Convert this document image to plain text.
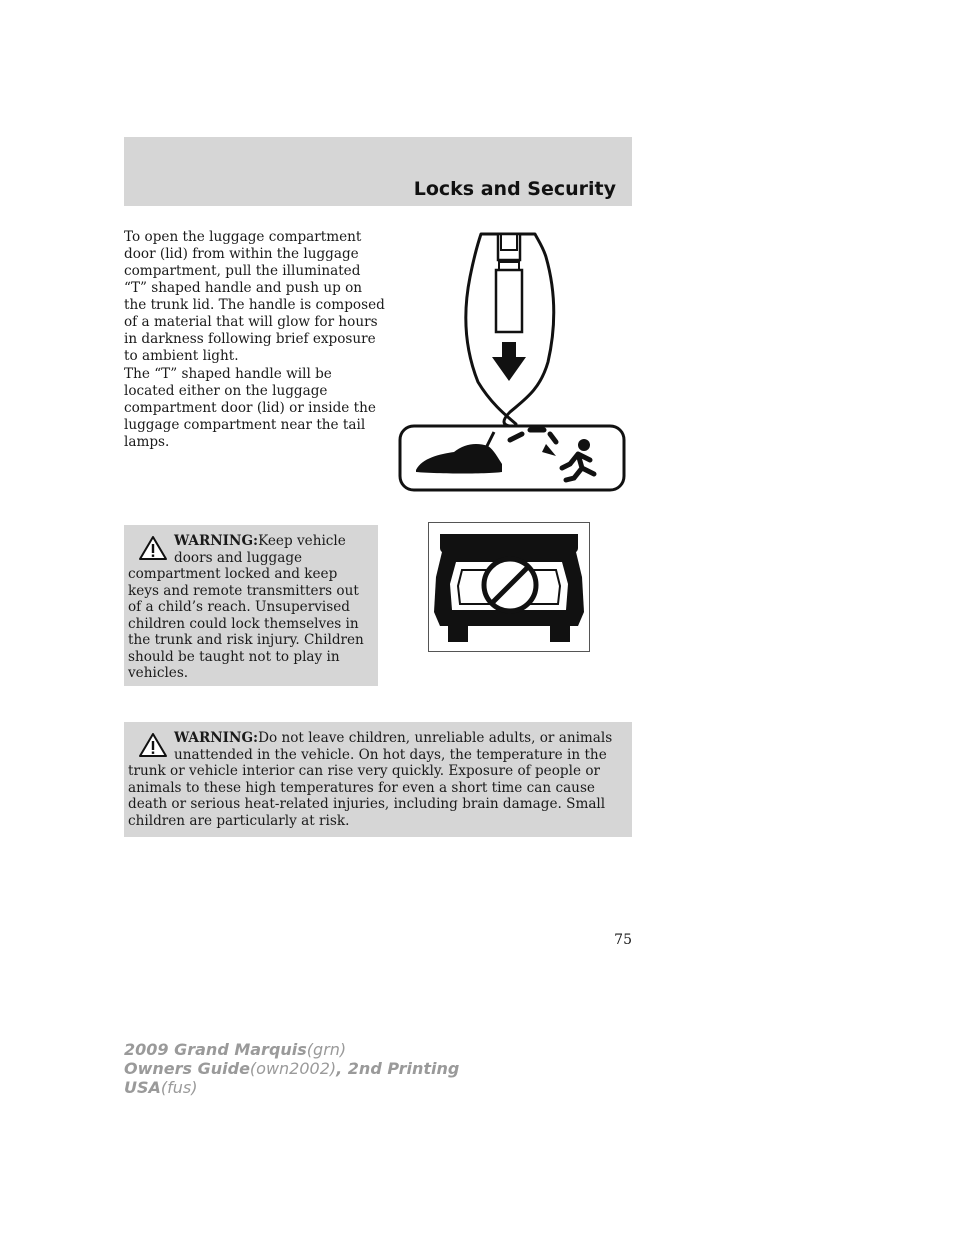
Locks and Security

To open the luggage compartment door (lid) from within the luggage compartment, pull the illuminated “T” shaped handle and push up on the trunk lid. The handle is composed of a material that will glow for hours in darkness following brief exposure to ambient light.

The “T” shaped handle will be located either on the luggage compartment door (lid) or inside the luggage compartment near the tail lamps.

WARNING:Keep vehicle
doors and luggage

compartment locked and keep keys and remote transmitters out of a child’s reach. Unsupervised children could lock themselves in the trunk and risk injury. Children should be taught not to play in vehicles.

WARNING:Do not leave children, unreliable adults, or animals
unattended in the vehicle. On hot days, the temperature in the

trunk or vehicle interior can rise very quickly. Exposure of people or animals to these high temperatures for even a short time can cause death or serious heat-related injuries, including brain damage. Small children are particularly at risk.

75
2009 Grand Marquis(grn)
Owners Guide(own2002), 2nd Printing
USA(fus)
